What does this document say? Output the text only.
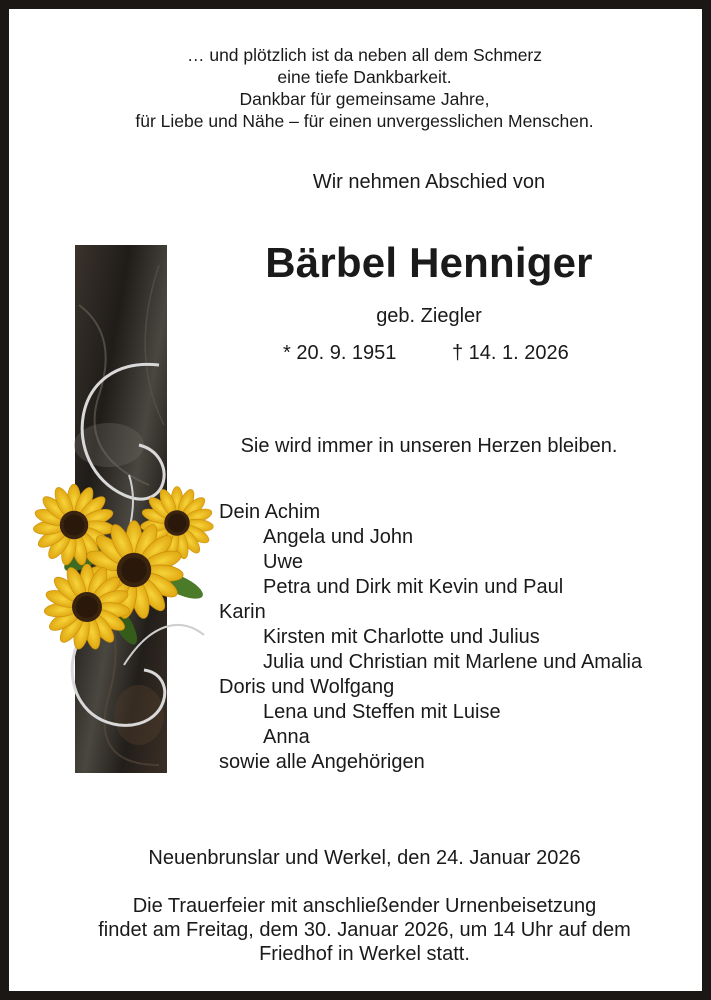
… und plötzlich ist da neben all dem Schmerz
eine tiefe Dankbarkeit.
Dankbar für gemeinsame Jahre,
für Liebe und Nähe – für einen unvergesslichen Menschen.
Wir nehmen Abschied von
Bärbel Henniger
geb. Ziegler
* 20. 9. 1951	† 14. 1. 2026
Sie wird immer in unseren Herzen bleiben.
Dein Achim
Angela und John
Uwe
Petra und Dirk mit Kevin und Paul
Karin
Kirsten mit Charlotte und Julius
Julia und Christian mit Marlene und Amalia
Doris und Wolfgang
Lena und Steffen mit Luise
Anna
sowie alle Angehörigen
Neuenbrunslar und Werkel, den 24. Januar 2026
Die Trauerfeier mit anschließender Urnenbeisetzung
findet am Freitag, dem 30. Januar 2026, um 14 Uhr auf dem
Friedhof in Werkel statt.
